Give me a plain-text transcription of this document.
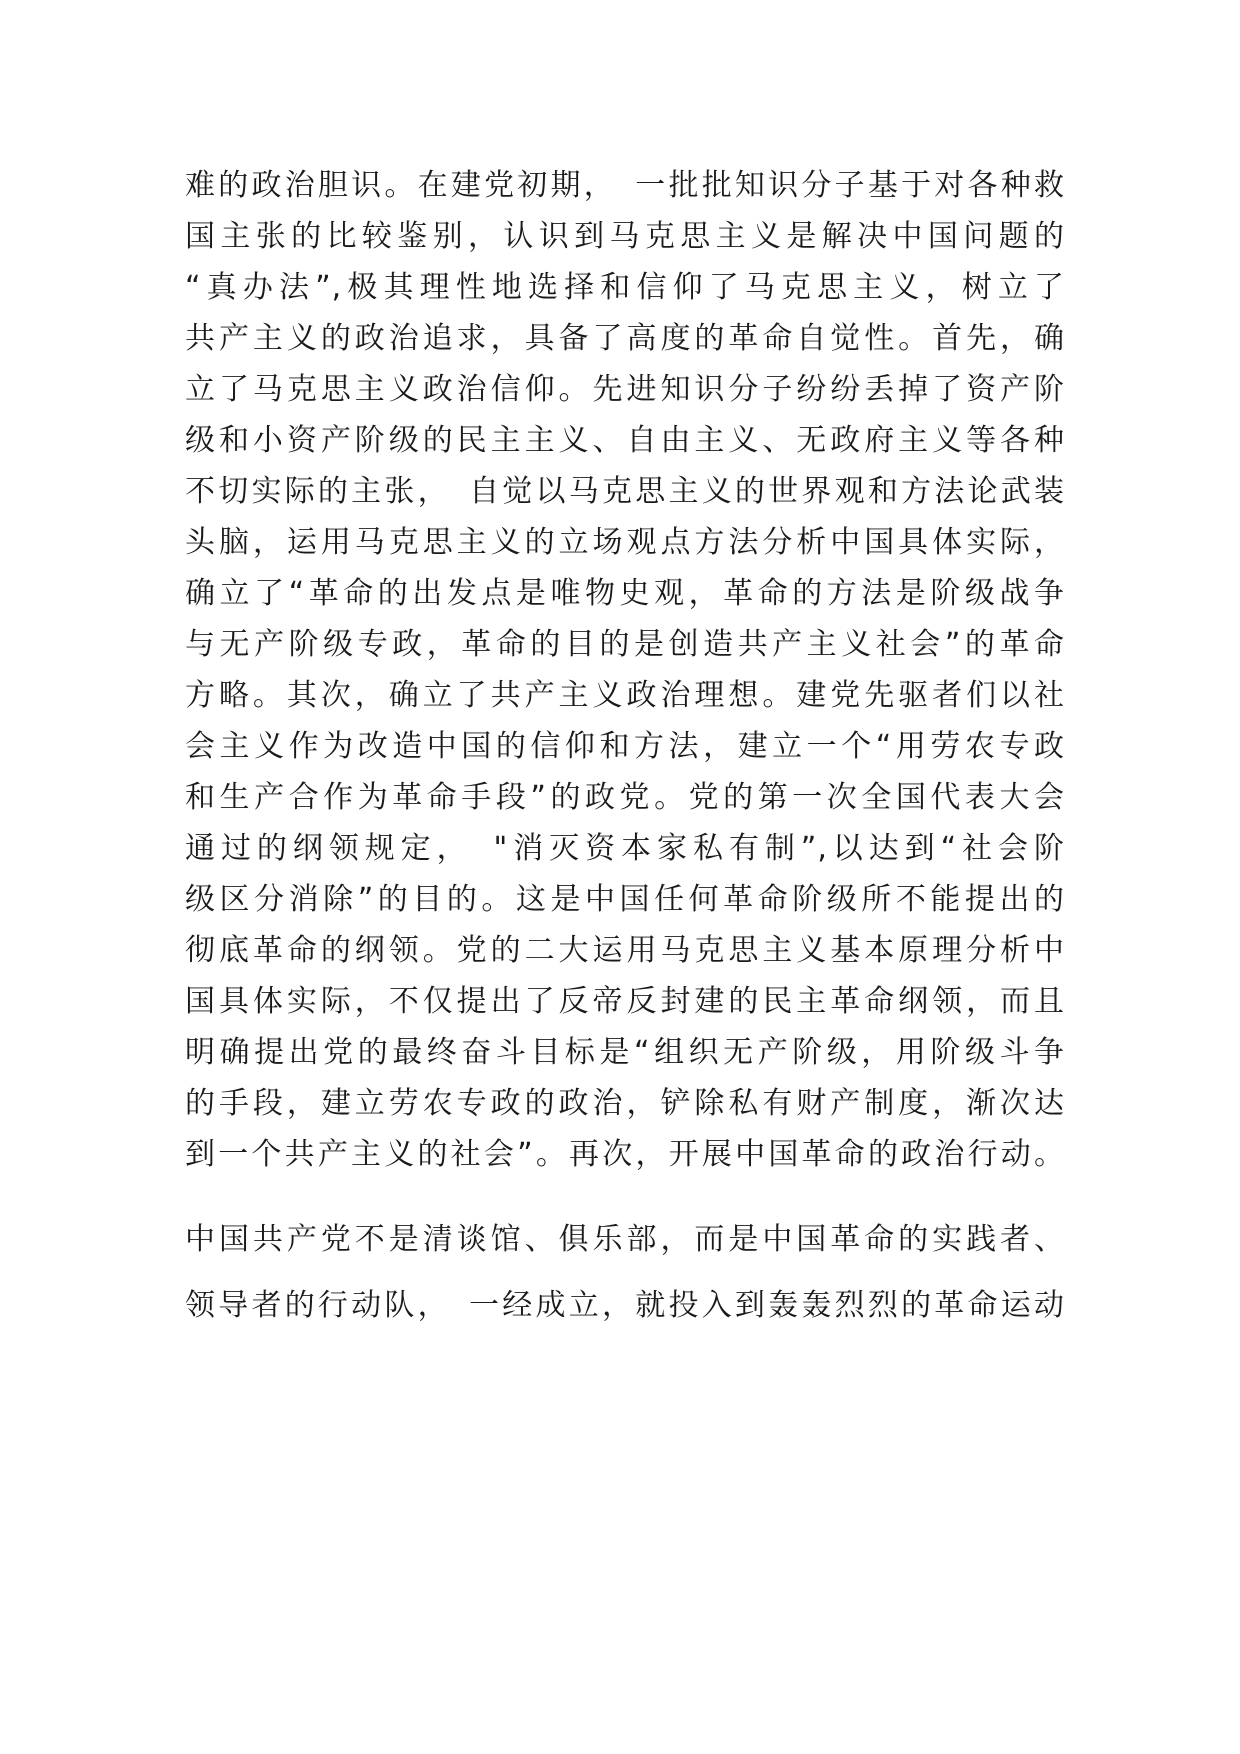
难的政治胆识。在建党初期，　一批批知识分子基于对各种救
国主张的比较鉴别，认识到马克思主义是解决中国问题的
“真办法”,极其理性地选择和信仰了马克思主义，树立了
共产主义的政治追求，具备了高度的革命自觉性。首先，确
立了马克思主义政治信仰。先进知识分子纷纷丢掉了资产阶
级和小资产阶级的民主主义、自由主义、无政府主义等各种
不切实际的主张，　自觉以马克思主义的世界观和方法论武装
头脑，运用马克思主义的立场观点方法分析中国具体实际，
确立了“革命的出发点是唯物史观，革命的方法是阶级战争
与无产阶级专政，革命的目的是创造共产主义社会”的革命
方略。其次，确立了共产主义政治理想。建党先驱者们以社
会主义作为改造中国的信仰和方法，建立一个“用劳农专政
和生产合作为革命手段”的政党。党的第一次全国代表大会
通过的纲领规定，　"消灭资本家私有制”,以达到“社会阶
级区分消除”的目的。这是中国任何革命阶级所不能提出的
彻底革命的纲领。党的二大运用马克思主义基本原理分析中
国具体实际，不仅提出了反帝反封建的民主革命纲领，而且
明确提出党的最终奋斗目标是“组织无产阶级，用阶级斗争
的手段，建立劳农专政的政治，铲除私有财产制度，渐次达
到一个共产主义的社会”。再次，开展中国革命的政治行动。
中国共产党不是清谈馆、俱乐部，而是中国革命的实践者、
领导者的行动队，　一经成立，就投入到轰轰烈烈的革命运动
